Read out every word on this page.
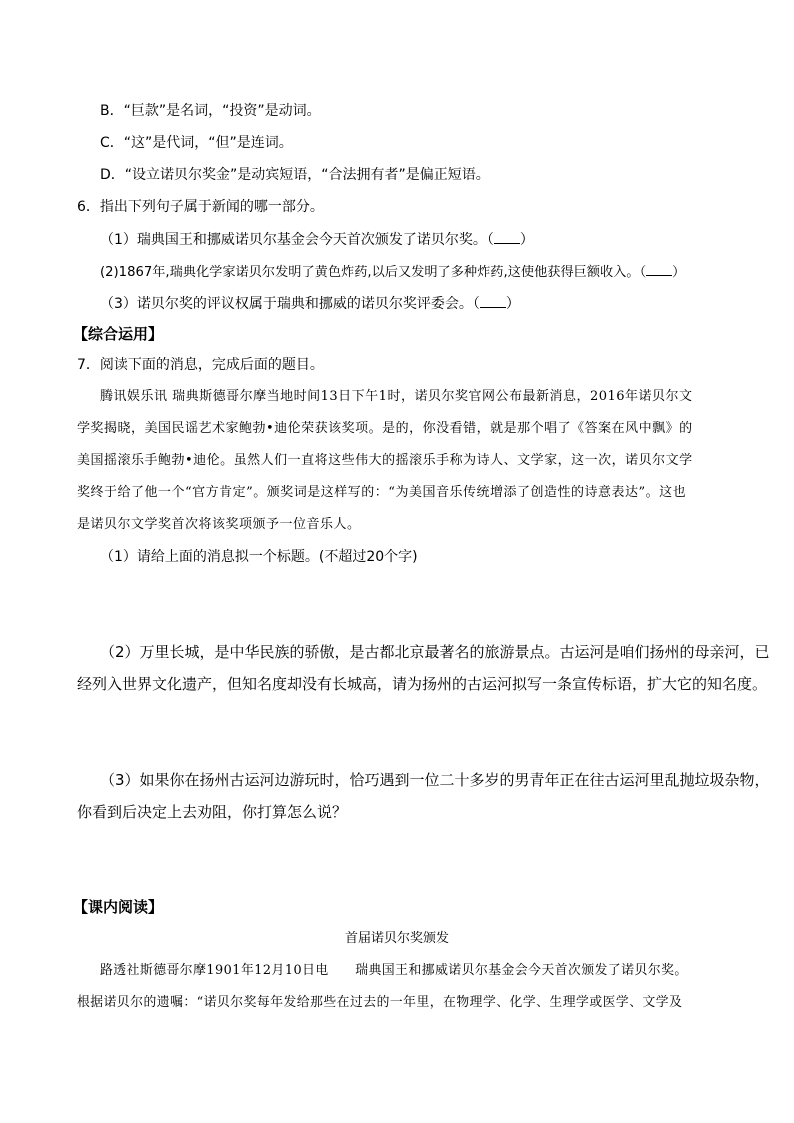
B．“巨款”是名词，“投资”是动词。
C．“这”是代词，“但”是连词。
D．“设立诺贝尔奖金”是动宾短语，“合法拥有者”是偏正短语。
6．指出下列句子属于新闻的哪一部分。
（1）瑞典国王和挪威诺贝尔基金会今天首次颁发了诺贝尔奖。（ ）
(2)1867年,瑞典化学家诺贝尔发明了黄色炸药,以后又发明了多种炸药,这使他获得巨额收入。（ ）
（3）诺贝尔奖的评议权属于瑞典和挪威的诺贝尔奖评委会。（ ）
【综合运用】
7．阅读下面的消息，完成后面的题目。
腾讯娱乐讯 瑞典斯德哥尔摩当地时间13日下午1时，诺贝尔奖官网公布最新消息，2016年诺贝尔文
学奖揭晓，美国民谣艺术家鲍勃•迪伦荣获该奖项。是的，你没看错，就是那个唱了《答案在风中飘》的
美国摇滚乐手鲍勃•迪伦。虽然人们一直将这些伟大的摇滚乐手称为诗人、文学家，这一次，诺贝尔文学
奖终于给了他一个“官方肯定”。颁奖词是这样写的：“为美国音乐传统增添了创造性的诗意表达”。这也
是诺贝尔文学奖首次将该奖项颁予一位音乐人。
（1）请给上面的消息拟一个标题。(不超过20个字)
（2）万里长城，是中华民族的骄傲，是古都北京最著名的旅游景点。古运河是咱们扬州的母亲河，已
经列入世界文化遗产，但知名度却没有长城高，请为扬州的古运河拟写一条宣传标语，扩大它的知名度。
（3）如果你在扬州古运河边游玩时，恰巧遇到一位二十多岁的男青年正在往古运河里乱抛垃圾杂物，
你看到后决定上去劝阻，你打算怎么说？
【课内阅读】
首届诺贝尔奖颁发
路透社斯德哥尔摩1901年12月10日电　　瑞典国王和挪威诺贝尔基金会今天首次颁发了诺贝尔奖。
根据诺贝尔的遗嘱：“诺贝尔奖每年发给那些在过去的一年里，在物理学、化学、生理学或医学、文学及
